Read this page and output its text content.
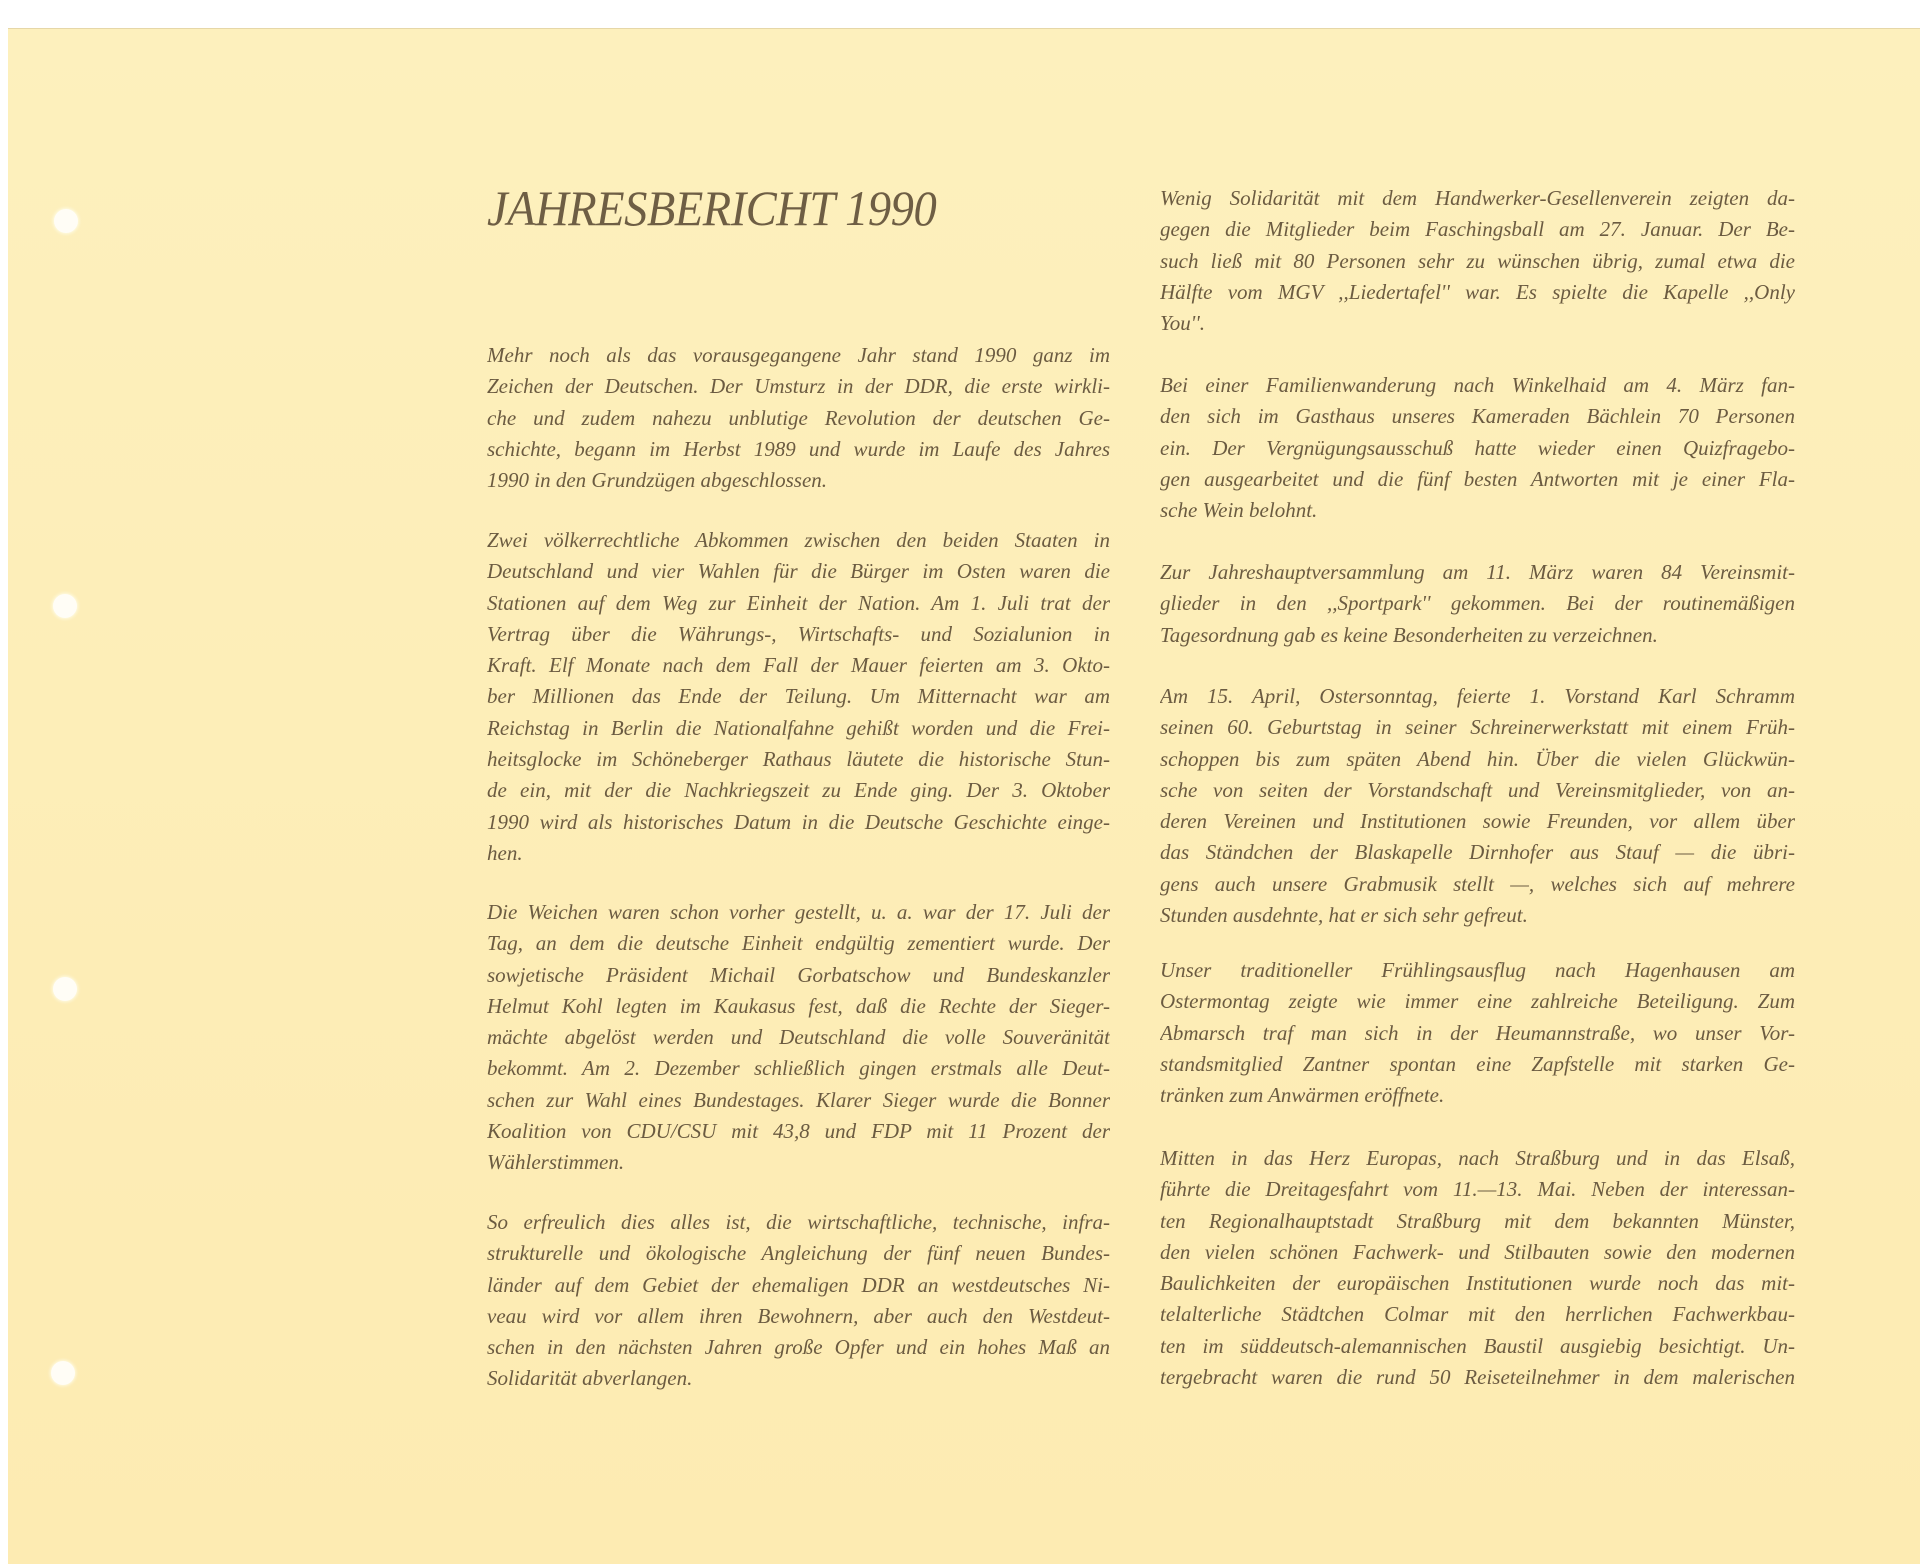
JAHRESBERICHT 1990
Mehr noch als das vorausgegangene Jahr stand 1990 ganz im
Zeichen der Deutschen. Der Umsturz in der DDR, die erste wirkli-
che und zudem nahezu unblutige Revolution der deutschen Ge-
schichte, begann im Herbst 1989 und wurde im Laufe des Jahres
1990 in den Grundzügen abgeschlossen.
Zwei völkerrechtliche Abkommen zwischen den beiden Staaten in
Deutschland und vier Wahlen für die Bürger im Osten waren die
Stationen auf dem Weg zur Einheit der Nation. Am 1. Juli trat der
Vertrag über die Währungs-, Wirtschafts- und Sozialunion in
Kraft. Elf Monate nach dem Fall der Mauer feierten am 3. Okto-
ber Millionen das Ende der Teilung. Um Mitternacht war am
Reichstag in Berlin die Nationalfahne gehißt worden und die Frei-
heitsglocke im Schöneberger Rathaus läutete die historische Stun-
de ein, mit der die Nachkriegszeit zu Ende ging. Der 3. Oktober
1990 wird als historisches Datum in die Deutsche Geschichte einge-
hen.
Die Weichen waren schon vorher gestellt, u. a. war der 17. Juli der
Tag, an dem die deutsche Einheit endgültig zementiert wurde. Der
sowjetische Präsident Michail Gorbatschow und Bundeskanzler
Helmut Kohl legten im Kaukasus fest, daß die Rechte der Sieger-
mächte abgelöst werden und Deutschland die volle Souveränität
bekommt. Am 2. Dezember schließlich gingen erstmals alle Deut-
schen zur Wahl eines Bundestages. Klarer Sieger wurde die Bonner
Koalition von CDU/CSU mit 43,8 und FDP mit 11 Prozent der
Wählerstimmen.
So erfreulich dies alles ist, die wirtschaftliche, technische, infra-
strukturelle und ökologische Angleichung der fünf neuen Bundes-
länder auf dem Gebiet der ehemaligen DDR an westdeutsches Ni-
veau wird vor allem ihren Bewohnern, aber auch den Westdeut-
schen in den nächsten Jahren große Opfer und ein hohes Maß an
Solidarität abverlangen.
Wenig Solidarität mit dem Handwerker-Gesellenverein zeigten da-
gegen die Mitglieder beim Faschingsball am 27. Januar. Der Be-
such ließ mit 80 Personen sehr zu wünschen übrig, zumal etwa die
Hälfte vom MGV ,,Liedertafel'' war. Es spielte die Kapelle ,,Only
You''.
Bei einer Familienwanderung nach Winkelhaid am 4. März fan-
den sich im Gasthaus unseres Kameraden Bächlein 70 Personen
ein. Der Vergnügungsausschuß hatte wieder einen Quizfragebo-
gen ausgearbeitet und die fünf besten Antworten mit je einer Fla-
sche Wein belohnt.
Zur Jahreshauptversammlung am 11. März waren 84 Vereinsmit-
glieder in den ,,Sportpark'' gekommen. Bei der routinemäßigen
Tagesordnung gab es keine Besonderheiten zu verzeichnen.
Am 15. April, Ostersonntag, feierte 1. Vorstand Karl Schramm
seinen 60. Geburtstag in seiner Schreinerwerkstatt mit einem Früh-
schoppen bis zum späten Abend hin. Über die vielen Glückwün-
sche von seiten der Vorstandschaft und Vereinsmitglieder, von an-
deren Vereinen und Institutionen sowie Freunden, vor allem über
das Ständchen der Blaskapelle Dirnhofer aus Stauf — die übri-
gens auch unsere Grabmusik stellt —, welches sich auf mehrere
Stunden ausdehnte, hat er sich sehr gefreut.
Unser traditioneller Frühlingsausflug nach Hagenhausen am
Ostermontag zeigte wie immer eine zahlreiche Beteiligung. Zum
Abmarsch traf man sich in der Heumannstraße, wo unser Vor-
standsmitglied Zantner spontan eine Zapfstelle mit starken Ge-
tränken zum Anwärmen eröffnete.
Mitten in das Herz Europas, nach Straßburg und in das Elsaß,
führte die Dreitagesfahrt vom 11.—13. Mai. Neben der interessan-
ten Regionalhauptstadt Straßburg mit dem bekannten Münster,
den vielen schönen Fachwerk- und Stilbauten sowie den modernen
Baulichkeiten der europäischen Institutionen wurde noch das mit-
telalterliche Städtchen Colmar mit den herrlichen Fachwerkbau-
ten im süddeutsch-alemannischen Baustil ausgiebig besichtigt. Un-
tergebracht waren die rund 50 Reiseteilnehmer in dem malerischen
